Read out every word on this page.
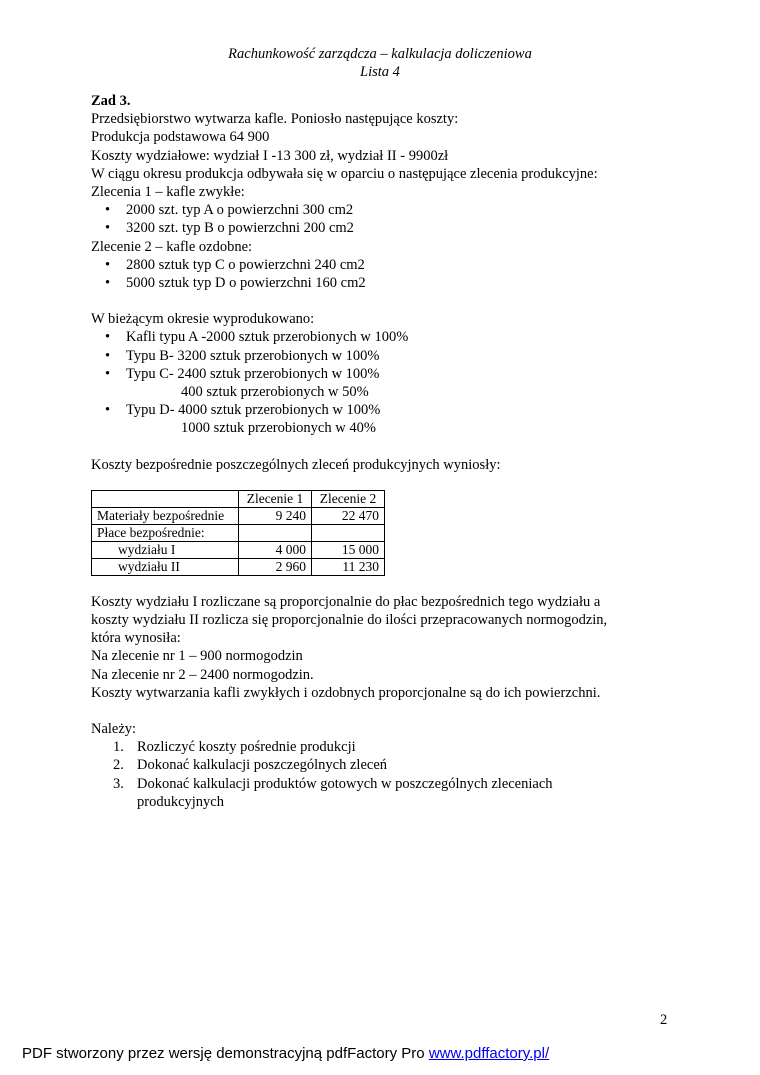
Rachunkowość zarządcza – kalkulacja doliczeniowa
Lista 4

Zad 3.

Przedsiębiorstwo wytwarza kafle. Poniosło następujące koszty:

Produkcja podstawowa 64 900

Koszty wydziałowe: wydział I -13 300 zł, wydział II - 9900zł

W ciągu okresu produkcja odbywała się w oparciu o następujące zlecenia produkcyjne:

Zlecenia 1 – kafle zwykłe:

• 2000 szt. typ A o powierzchni 300 cm2
• 3200 szt. typ B o powierzchni 200 cm2

Zlecenie 2 – kafle ozdobne:

• 2800 sztuk typ C o powierzchni 240 cm2
• 5000 sztuk typ D o powierzchni 160 cm2

W bieżącym okresie wyprodukowano:

• Kafli typu A -2000 sztuk przerobionych w 100%
• Typu B- 3200 sztuk przerobionych w 100%
• Typu C- 2400 sztuk przerobionych w 100%
400 sztuk przerobionych w 50%
• Typu D- 4000 sztuk przerobionych w 100%
1000 sztuk przerobionych w 40%

Koszty bezpośrednie poszczególnych zleceń produkcyjnych wyniosły:

	Zlecenie 1	Zlecenie 2
Materiały bezpośrednie	9 240	22 470
Płace bezpośrednie:		
wydziału I	4 000	15 000
wydziału II	2 960	11 230

Koszty wydziału I rozliczane są proporcjonalnie do płac bezpośrednich tego wydziału a

koszty wydziału II rozlicza się proporcjonalnie do ilości przepracowanych normogodzin,

która wynosiła:

Na zlecenie nr 1 – 900 normogodzin

Na zlecenie nr 2 – 2400 normogodzin.

Koszty wytwarzania kafli zwykłych i ozdobnych proporcjonalne są do ich powierzchni.

Należy:

1. Rozliczyć koszty pośrednie produkcji
2. Dokonać kalkulacji poszczególnych zleceń
3. Dokonać kalkulacji produktów gotowych w poszczególnych zleceniach
produkcyjnych
2
PDF stworzony przez wersję demonstracyjną pdfFactory Pro www.pdffactory.pl/
